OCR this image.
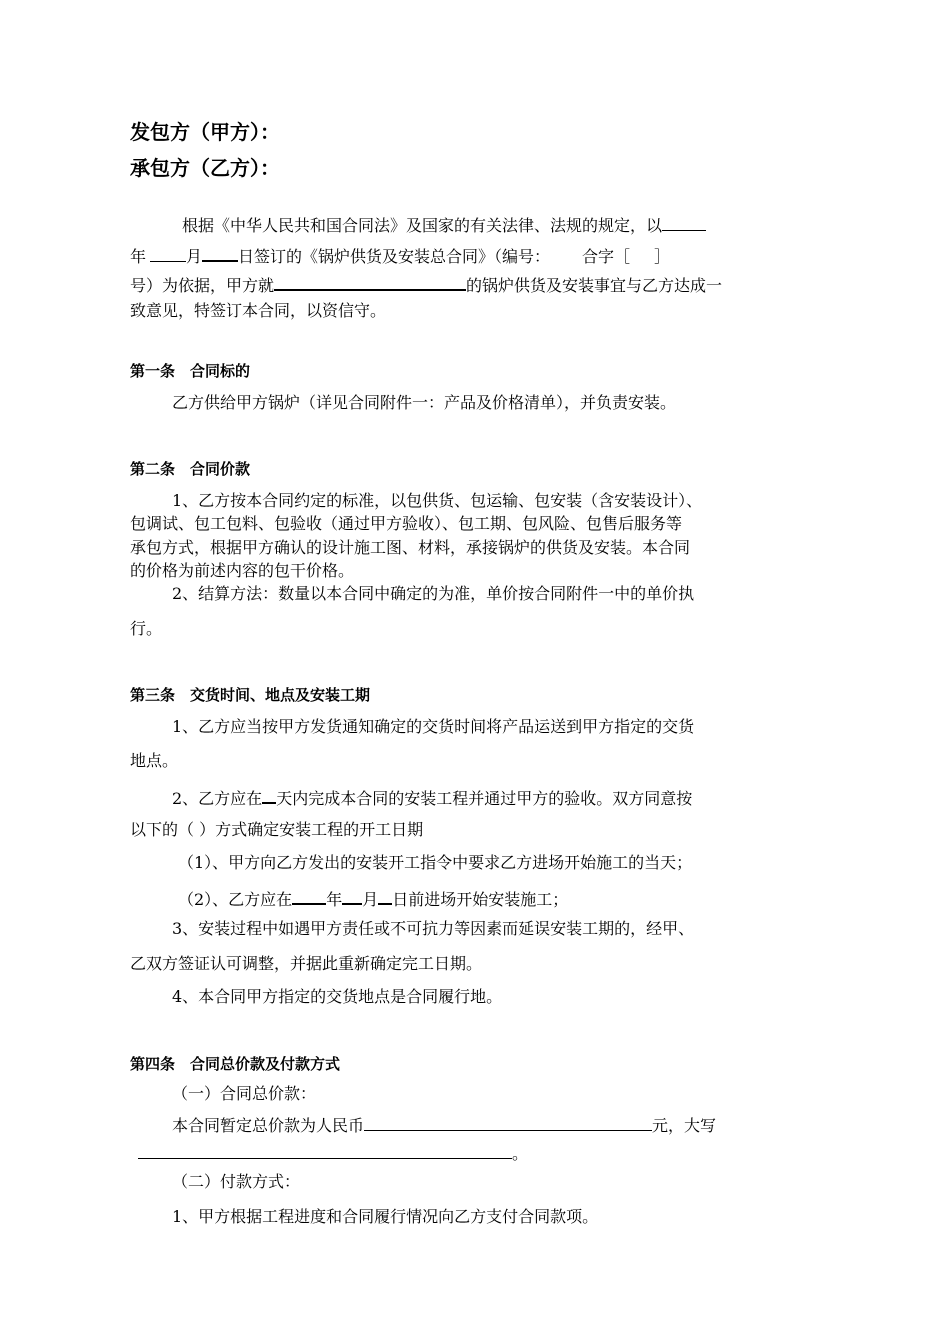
发包方（甲方）：
承包方（乙方）：
根据《中华人民共和国合同法》及国家的有关法律、法规的规定，以
年	月 日签订的《锅炉供货及安装总合同》（编号： 合字［ ］
号）为依据，甲方就	的锅炉供货及安装事宜与乙方达成一
致意见，特签订本合同，以资信守。
第一条　合同标的
乙方供给甲方锅炉（详见合同附件一：产品及价格清单），并负责安装。
第二条　合同价款
1、乙方按本合同约定的标准，以包供货、包运输、包安装（含安装设计）、
包调试、包工包料、包验收（通过甲方验收）、包工期、包风险、包售后服务等
承包方式，根据甲方确认的设计施工图、材料，承接锅炉的供货及安装。本合同
的价格为前述内容的包干价格。
2、结算方法：数量以本合同中确定的为准，单价按合同附件一中的单价执
行。
第三条　交货时间、地点及安装工期
1、乙方应当按甲方发货通知确定的交货时间将产品运送到甲方指定的交货
地点。
2、乙方应在 天内完成本合同的安装工程并通过甲方的验收。双方同意按
以下的（ ）方式确定安装工程的开工日期
（1）、甲方向乙方发出的安装开工指令中要求乙方进场开始施工的当天；
（2）、乙方应在 年 月 日前进场开始安装施工；
3、安装过程中如遇甲方责任或不可抗力等因素而延误安装工期的，经甲、
乙双方签证认可调整，并据此重新确定完工日期。
4、本合同甲方指定的交货地点是合同履行地。
第四条　合同总价款及付款方式
（一）合同总价款：
本合同暂定总价款为人民币	元，大写
。
（二）付款方式：
1、甲方根据工程进度和合同履行情况向乙方支付合同款项。
